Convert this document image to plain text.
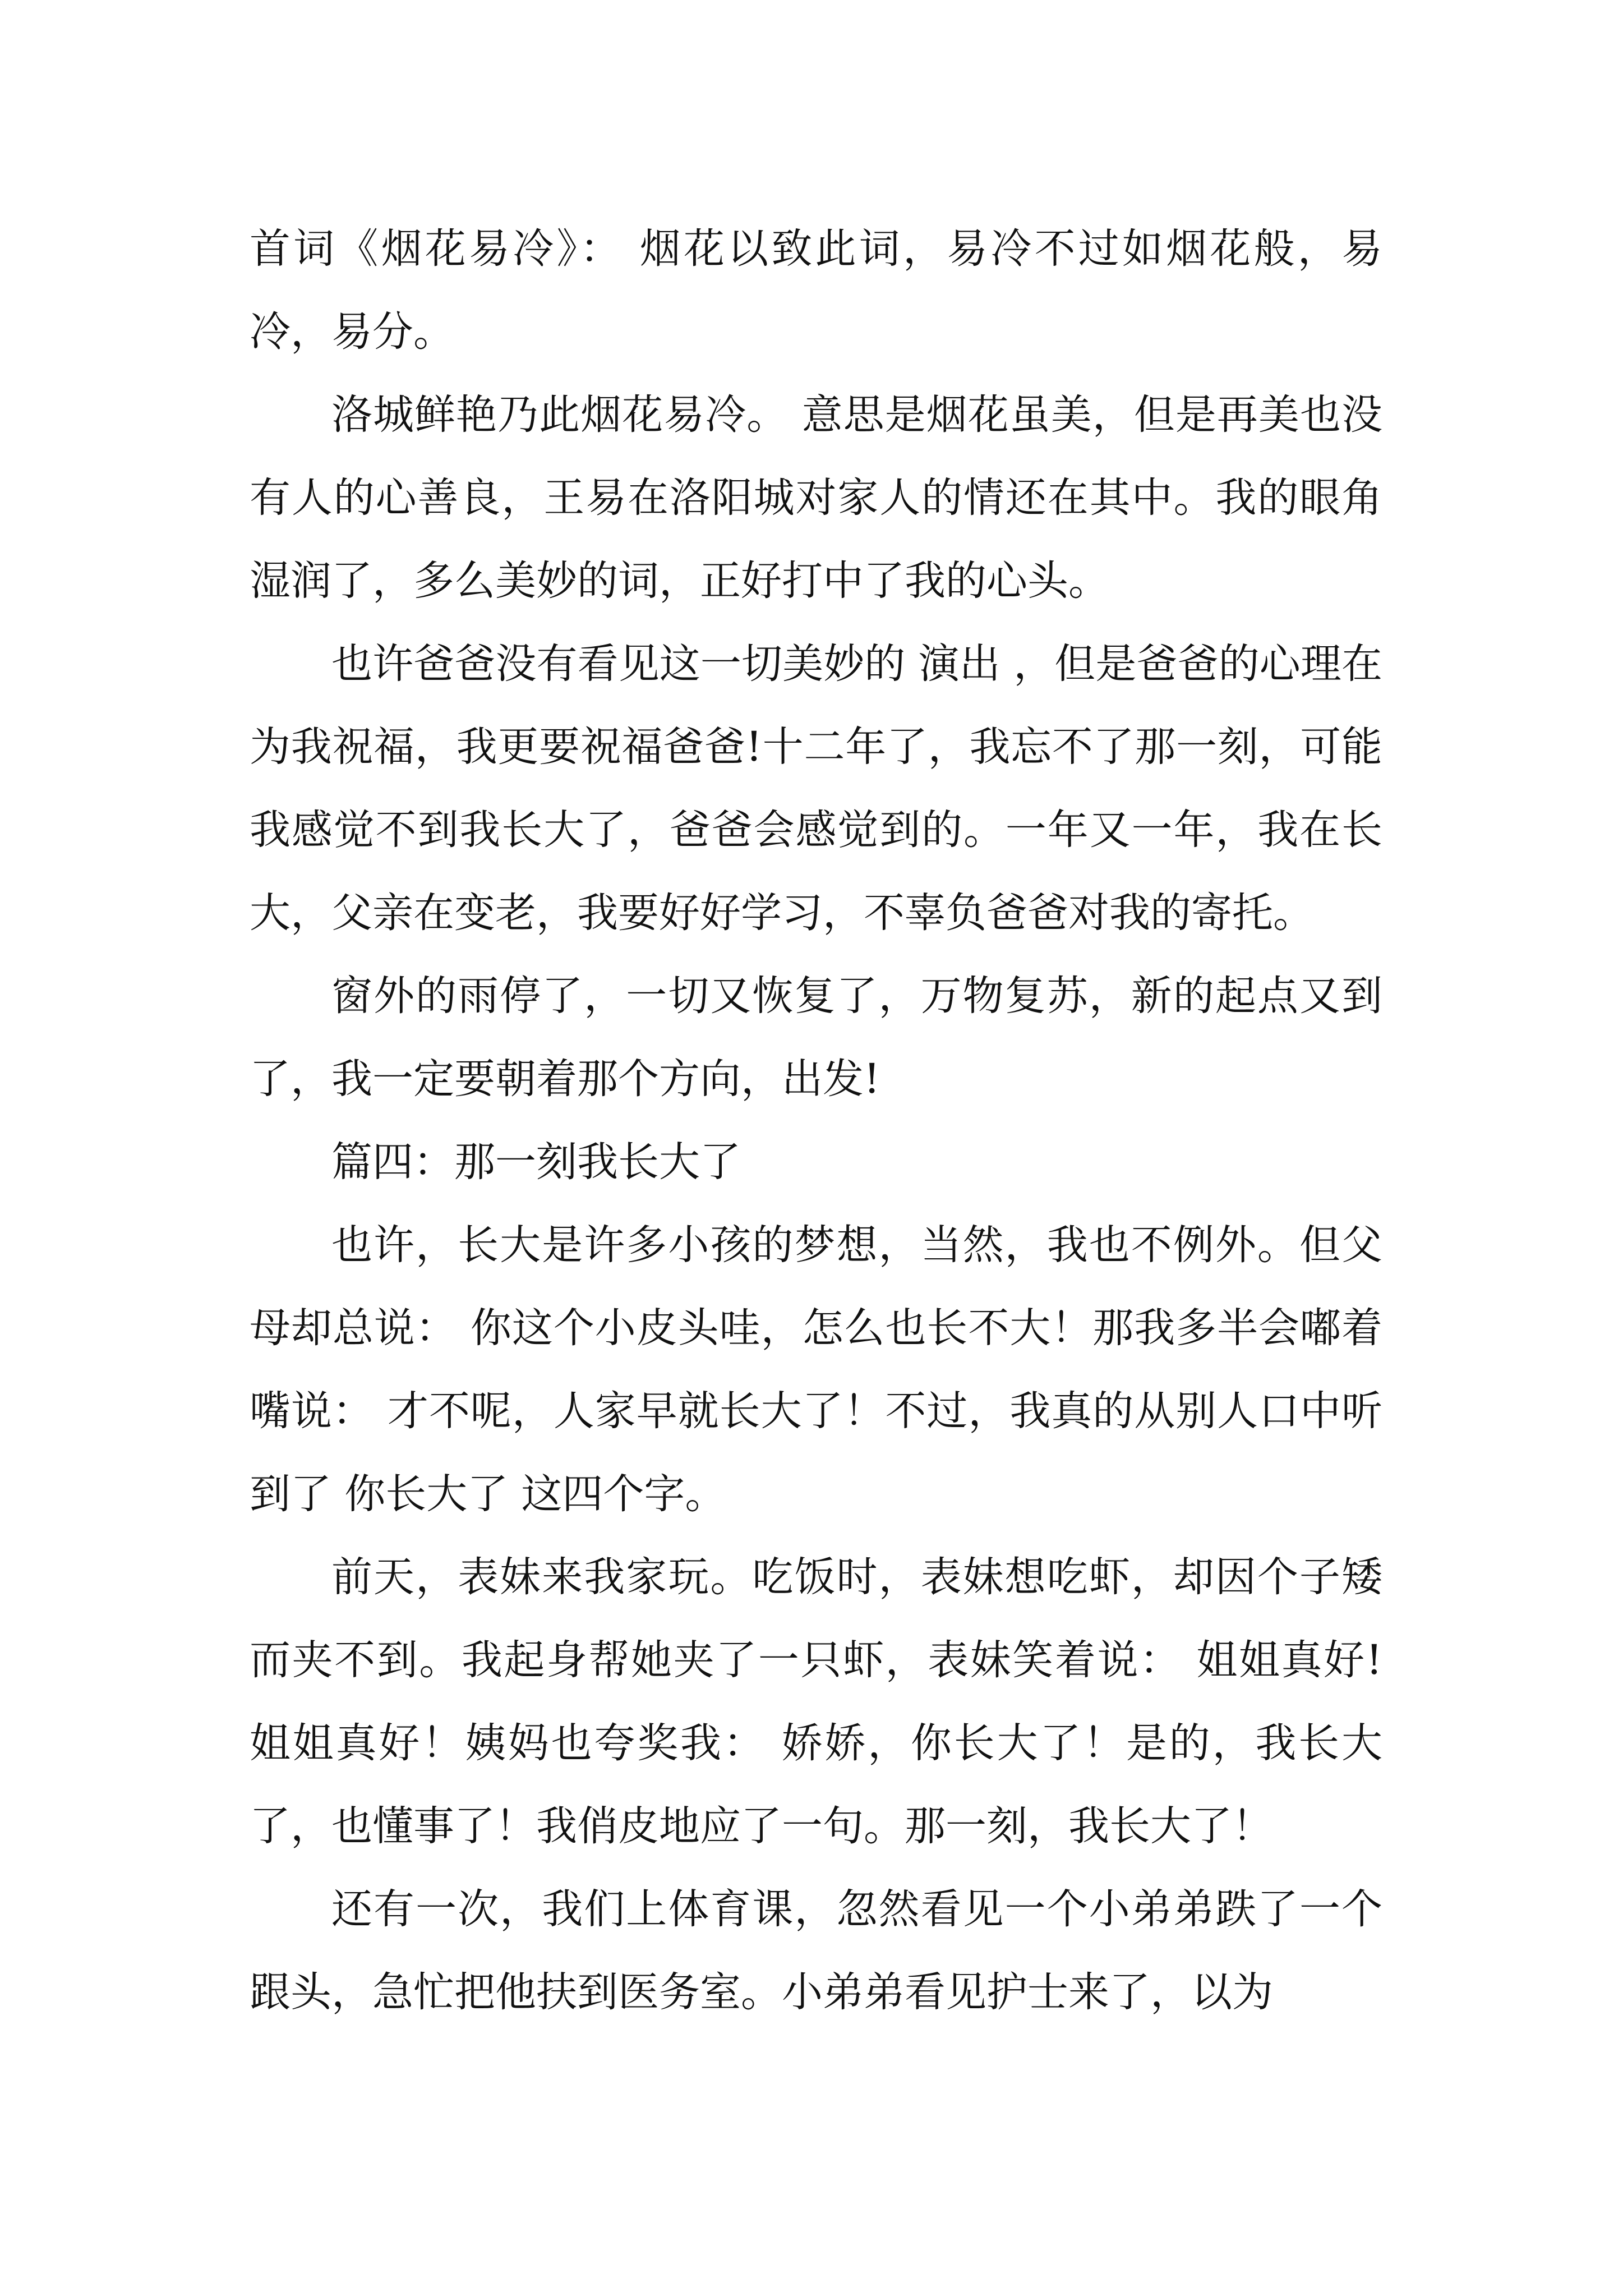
首词《烟花易冷》： 烟花以致此词，易冷不过如烟花般，易冷，易分。

洛城鲜艳乃此烟花易冷。 意思是烟花虽美，但是再美也没有人的心善良，王易在洛阳城对家人的情还在其中。我的眼角湿润了，多么美妙的词，正好打中了我的心头。

也许爸爸没有看见这一切美妙的 演出 ，但是爸爸的心理在为我祝福，我更要祝福爸爸!十二年了，我忘不了那一刻，可能我感觉不到我长大了，爸爸会感觉到的。一年又一年，我在长大，父亲在变老，我要好好学习，不辜负爸爸对我的寄托。

窗外的雨停了，一切又恢复了，万物复苏，新的起点又到了，我一定要朝着那个方向，出发!

篇四：那一刻我长大了

也许，长大是许多小孩的梦想，当然，我也不例外。但父母却总说： 你这个小皮头哇，怎么也长不大！那我多半会嘟着嘴说： 才不呢，人家早就长大了！不过，我真的从别人口中听到了 你长大了 这四个字。

前天，表妹来我家玩。吃饭时，表妹想吃虾，却因个子矮而夹不到。我起身帮她夹了一只虾，表妹笑着说： 姐姐真好!姐姐真好！姨妈也夸奖我： 娇娇，你长大了！是的，我长大了，也懂事了！我俏皮地应了一句。那一刻，我长大了！

还有一次，我们上体育课，忽然看见一个小弟弟跌了一个跟头，急忙把他扶到医务室。小弟弟看见护士来了，以为
